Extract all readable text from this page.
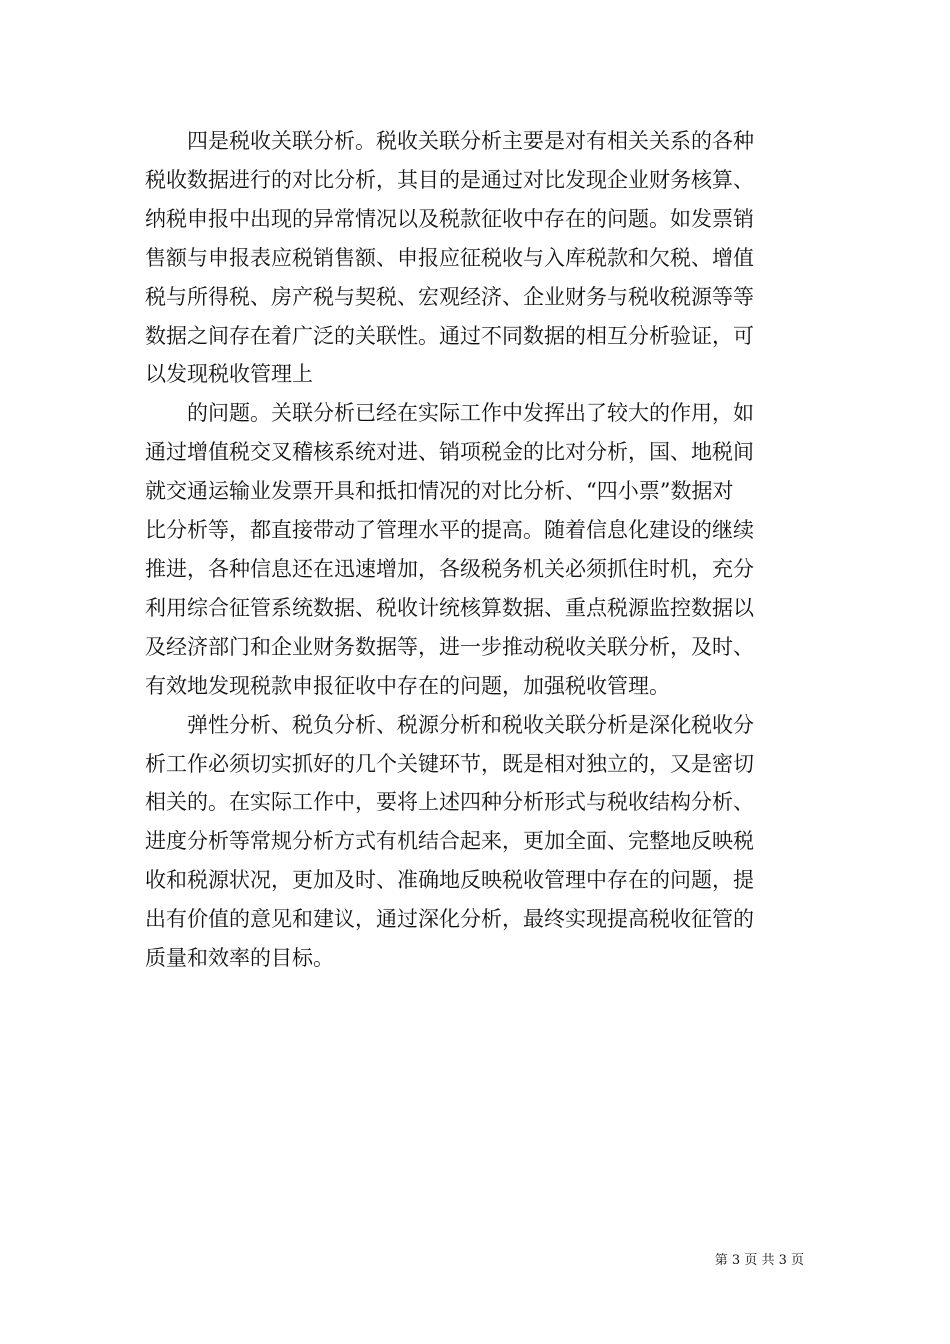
四是税收关联分析。税收关联分析主要是对有相关关系的各种
税收数据进行的对比分析，其目的是通过对比发现企业财务核算、
纳税申报中出现的异常情况以及税款征收中存在的问题。如发票销
售额与申报表应税销售额、申报应征税收与入库税款和欠税、增值
税与所得税、房产税与契税、宏观经济、企业财务与税收税源等等
数据之间存在着广泛的关联性。通过不同数据的相互分析验证，可
以发现税收管理上

的问题。关联分析已经在实际工作中发挥出了较大的作用，如
通过增值税交叉稽核系统对进、销项税金的比对分析，国、地税间
就交通运输业发票开具和抵扣情况的对比分析、“四小票”数据对
比分析等，都直接带动了管理水平的提高。随着信息化建设的继续
推进，各种信息还在迅速增加，各级税务机关必须抓住时机，充分
利用综合征管系统数据、税收计统核算数据、重点税源监控数据以
及经济部门和企业财务数据等，进一步推动税收关联分析，及时、
有效地发现税款申报征收中存在的问题，加强税收管理。

弹性分析、税负分析、税源分析和税收关联分析是深化税收分
析工作必须切实抓好的几个关键环节，既是相对独立的，又是密切
相关的。在实际工作中，要将上述四种分析形式与税收结构分析、
进度分析等常规分析方式有机结合起来，更加全面、完整地反映税
收和税源状况，更加及时、准确地反映税收管理中存在的问题，提
出有价值的意见和建议，通过深化分析，最终实现提高税收征管的
质量和效率的目标。

第 3 页 共 3 页
